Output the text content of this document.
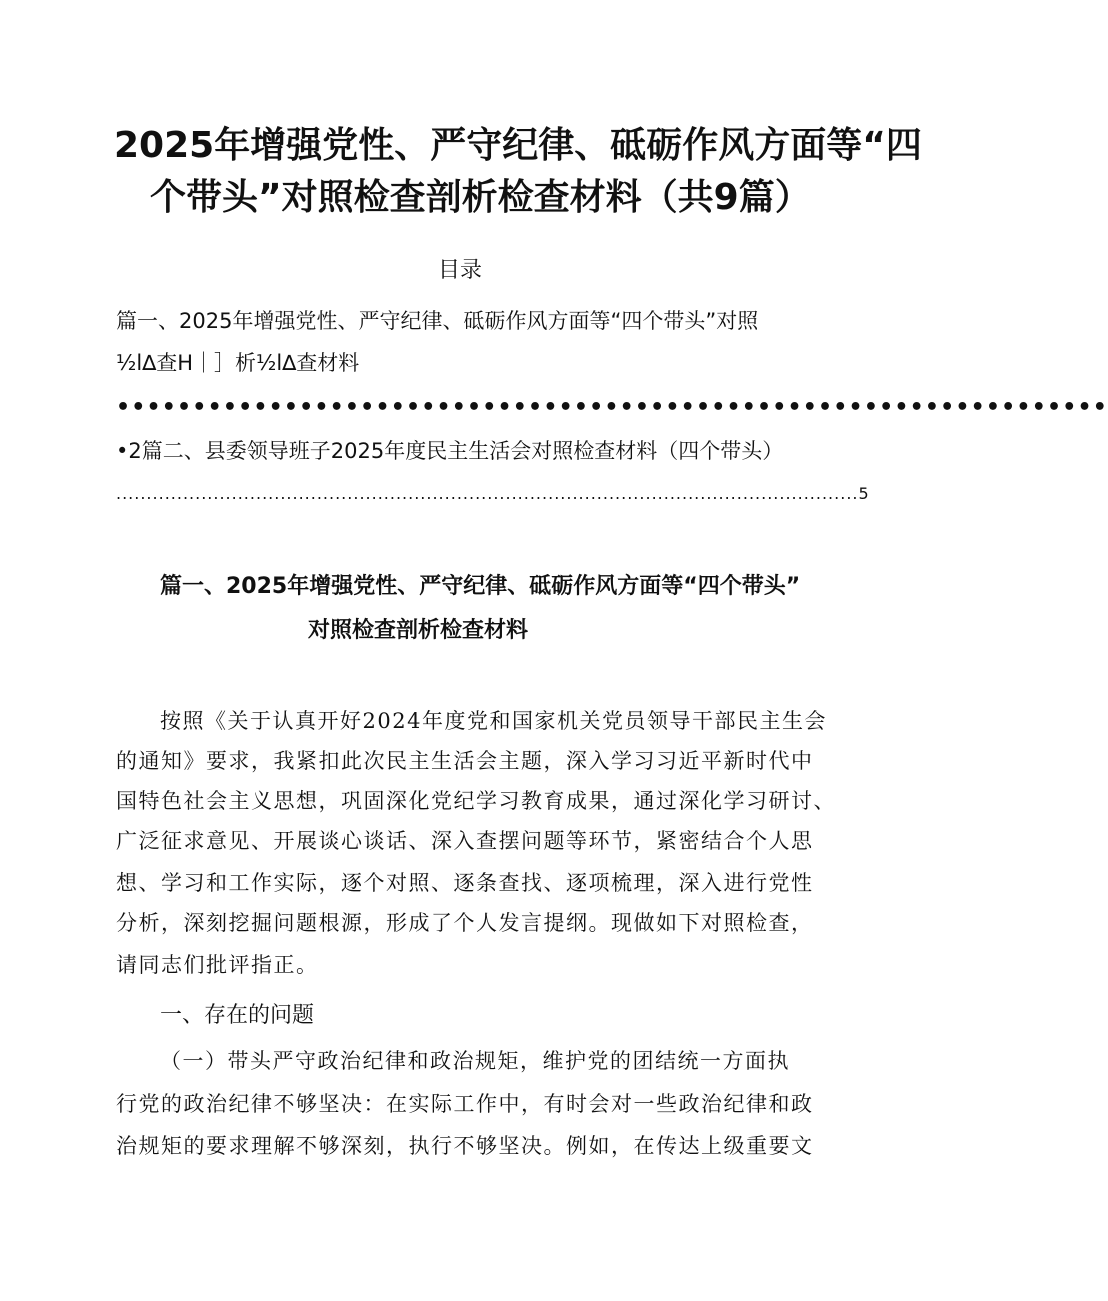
2025年增强党性、严守纪律、砥砺作风方面等“四
个带头”对照检查剖析检查材料（共9篇）
目录
篇一、2025年增强党性、严守纪律、砥砺作风方面等“四个带头”对照
½l∆查H｜］析½l∆查材料
•••••••••••••••••••••••••••••••••••••••••••••••••••••••••••••••••
•2篇二、县委领导班子2025年度民主生活会对照检查材料（四个带头）
..........................................................................................................................5
篇一、2025年增强党性、严守纪律、砥砺作风方面等“四个带头”
对照检查剖析检查材料
按照《关于认真开好2024年度党和国家机关党员领导干部民主生会
的通知》要求，我紧扣此次民主生活会主题，深入学习习近平新时代中
国特色社会主义思想，巩固深化党纪学习教育成果，通过深化学习研讨、
广泛征求意见、开展谈心谈话、深入查摆问题等环节，紧密结合个人思
想、学习和工作实际，逐个对照、逐条查找、逐项梳理，深入进行党性
分析，深刻挖掘问题根源，形成了个人发言提纲。现做如下对照检查，
请同志们批评指正。
一、存在的问题
（一）带头严守政治纪律和政治规矩，维护党的团结统一方面执
行党的政治纪律不够坚决：在实际工作中，有时会对一些政治纪律和政
治规矩的要求理解不够深刻，执行不够坚决。例如，在传达上级重要文
